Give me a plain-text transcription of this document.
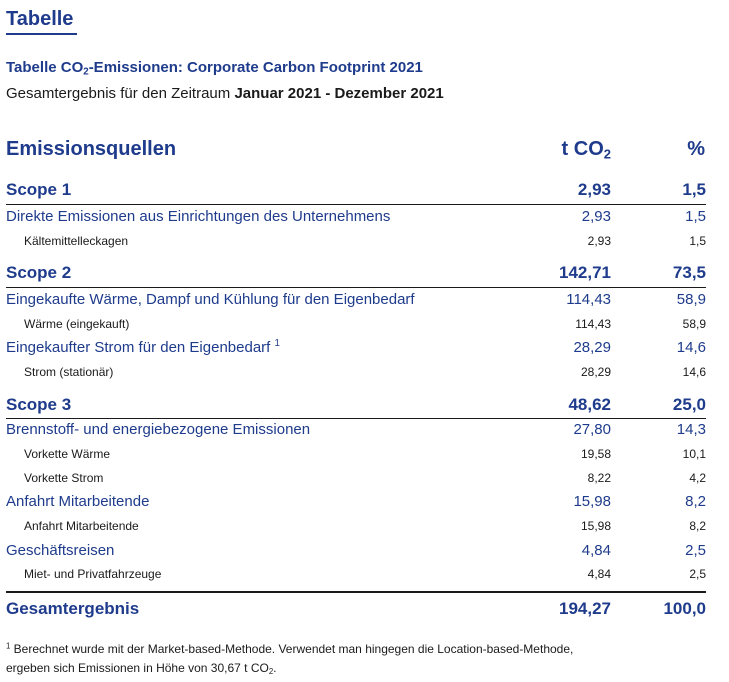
Tabelle
Tabelle $CO_2$-Emissionen: Corporate Carbon Footprint 2021
Gesamtergebnis für den Zeitraum Januar 2021 - Dezember 2021
Emissionsquellen	t $CO_2$	%
Scope 1	2,93	1,5
Direkte Emissionen aus Einrichtungen des Unternehmens	2,93	1,5
Kältemittelleckagen	2,93	1,5
Scope 2	142,71	73,5
Eingekaufte Wärme, Dampf und Kühlung für den Eigenbedarf	114,43	58,9
Wärme (eingekauft)	114,43	58,9
Eingekaufter Strom für den Eigenbedarf $^1$	28,29	14,6
Strom (stationär)	28,29	14,6
Scope 3	48,62	25,0
Brennstoff- und energiebezogene Emissionen	27,80	14,3
Vorkette Wärme	19,58	10,1
Vorkette Strom	8,22	4,2
Anfahrt Mitarbeitende	15,98	8,2
Anfahrt Mitarbeitende	15,98	8,2
Geschäftsreisen	4,84	2,5
Miet- und Privatfahrzeuge	4,84	2,5
Gesamtergebnis	194,27	100,0
$^1$ Berechnet wurde mit der Market-based-Methode. Verwendet man hingegen die Location-based-Methode,
ergeben sich Emissionen in Höhe von 30,67 t $CO_2$.
